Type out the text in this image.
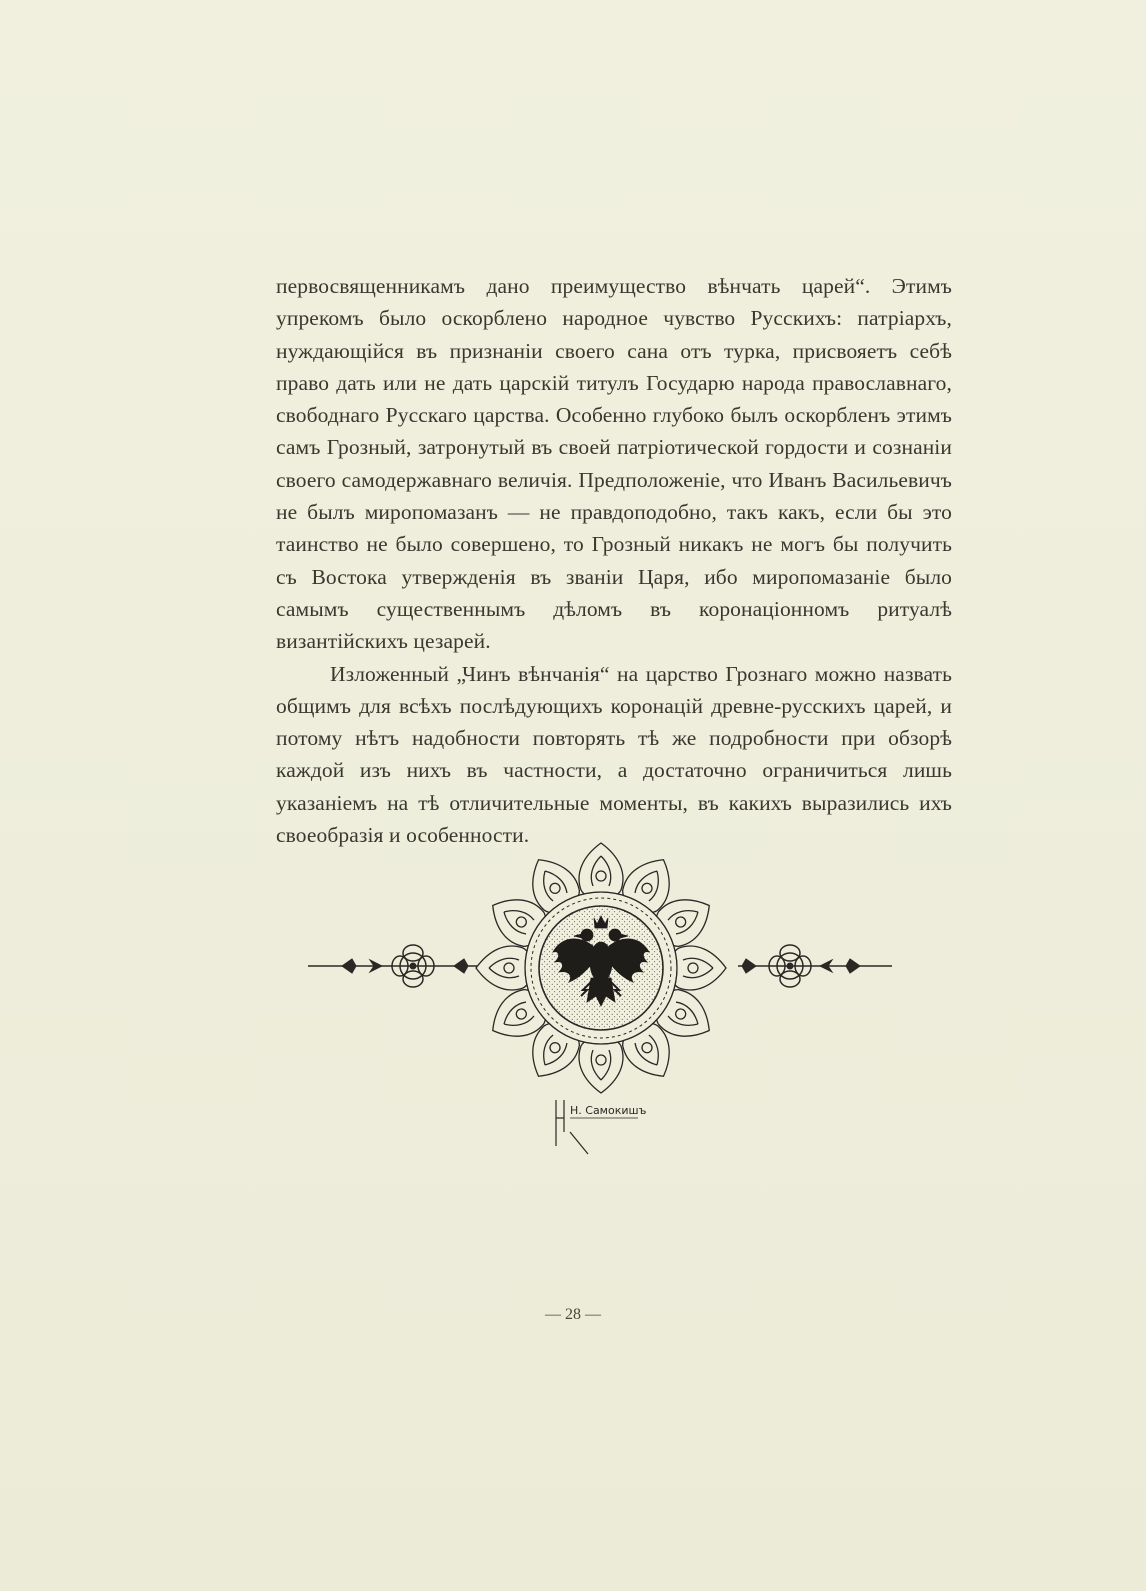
первосвященникамъ дано преимущество вѣнчать царей“. Этимъ упрекомъ было оскорблено народное чувство Русскихъ: патріархъ, нуждающійся въ признаніи своего сана отъ турка, присвояетъ себѣ право дать или не дать царскій титулъ Государю народа православнаго, свободнаго Русскаго царства. Особенно глубоко былъ оскорбленъ этимъ самъ Грозный, затронутый въ своей патріотической гордости и сознаніи своего самодержавнаго величія. Предположеніе, что Иванъ Васильевичъ не былъ миропомазанъ — не правдоподобно, такъ какъ, если бы это таинство не было совершено, то Грозный никакъ не могъ бы получить съ Востока утвержденія въ званіи Царя, ибо миропомазаніе было самымъ существеннымъ дѣломъ въ коронаціонномъ ритуалѣ византійскихъ цезарей.

Изложенный „Чинъ вѣнчанія“ на царство Грознаго можно назвать общимъ для всѣхъ послѣдующихъ коронацій древне-русскихъ царей, и потому нѣтъ надобности повторять тѣ же подробности при обзорѣ каждой изъ нихъ въ частности, а достаточно ограничиться лишь указаніемъ на тѣ отличительные моменты, въ какихъ выразились ихъ своеобразія и особенности.

Н. Самокишъ
— 28 —
